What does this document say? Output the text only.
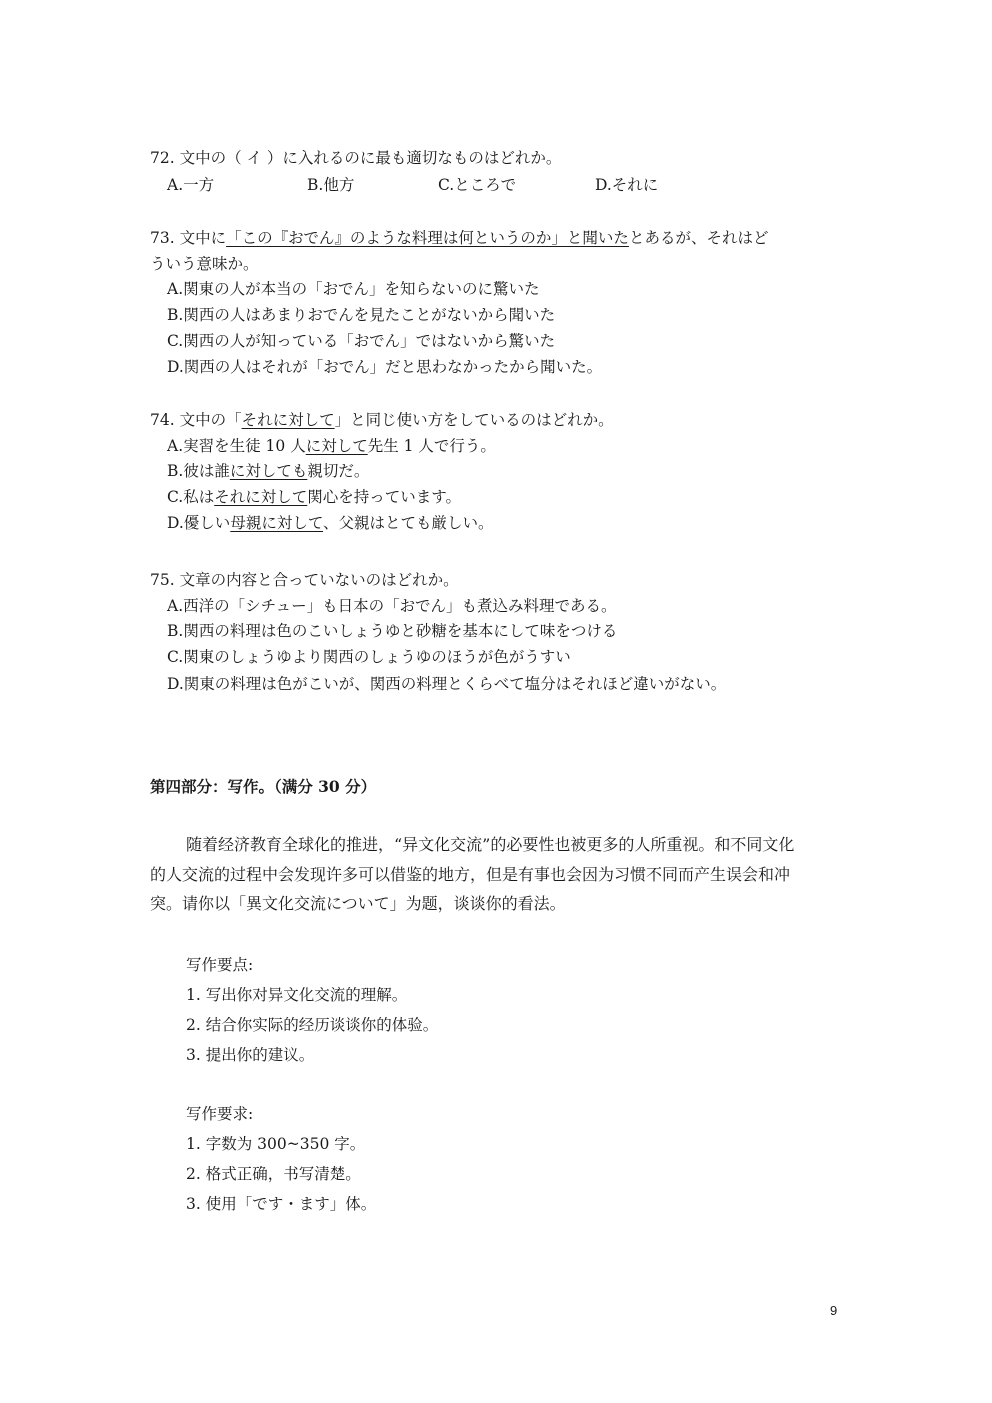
72. 文中の（ イ ）に入れるのに最も適切なものはどれか。
A.一方	B.他方	C.ところで	D.それに
73. 文中に「この『おでん』のような料理は何というのか」と聞いたとあるが、それはど
ういう意味か。
A.関東の人が本当の「おでん」を知らないのに驚いた
B.関西の人はあまりおでんを見たことがないから聞いた
C.関西の人が知っている「おでん」ではないから驚いた
D.関西の人はそれが「おでん」だと思わなかったから聞いた。
74. 文中の「それに対して」と同じ使い方をしているのはどれか。
A.実習を生徒 10 人に対して先生 1 人で行う。
B.彼は誰に対しても親切だ。
C.私はそれに対して関心を持っています。
D.優しい母親に対して、父親はとても厳しい。
75. 文章の内容と合っていないのはどれか。
A.西洋の「シチュー」も日本の「おでん」も煮込み料理である。
B.関西の料理は色のこいしょうゆと砂糖を基本にして味をつける
C.関東のしょうゆより関西のしょうゆのほうが色がうすい
D.関東の料理は色がこいが、関西の料理とくらべて塩分はそれほど違いがない。
第四部分：写作。（满分 30 分）
随着经济教育全球化的推进，“异文化交流”的必要性也被更多的人所重视。和不同文化
的人交流的过程中会发现许多可以借鉴的地方，但是有事也会因为习惯不同而产生误会和冲
突。请你以「異文化交流について」为题，谈谈你的看法。
写作要点:
1. 写出你对异文化交流的理解。
2. 结合你实际的经历谈谈你的体验。
3. 提出你的建议。
写作要求:
1. 字数为 300~350 字。
2. 格式正确，书写清楚。
3. 使用「です・ます」体。
9
